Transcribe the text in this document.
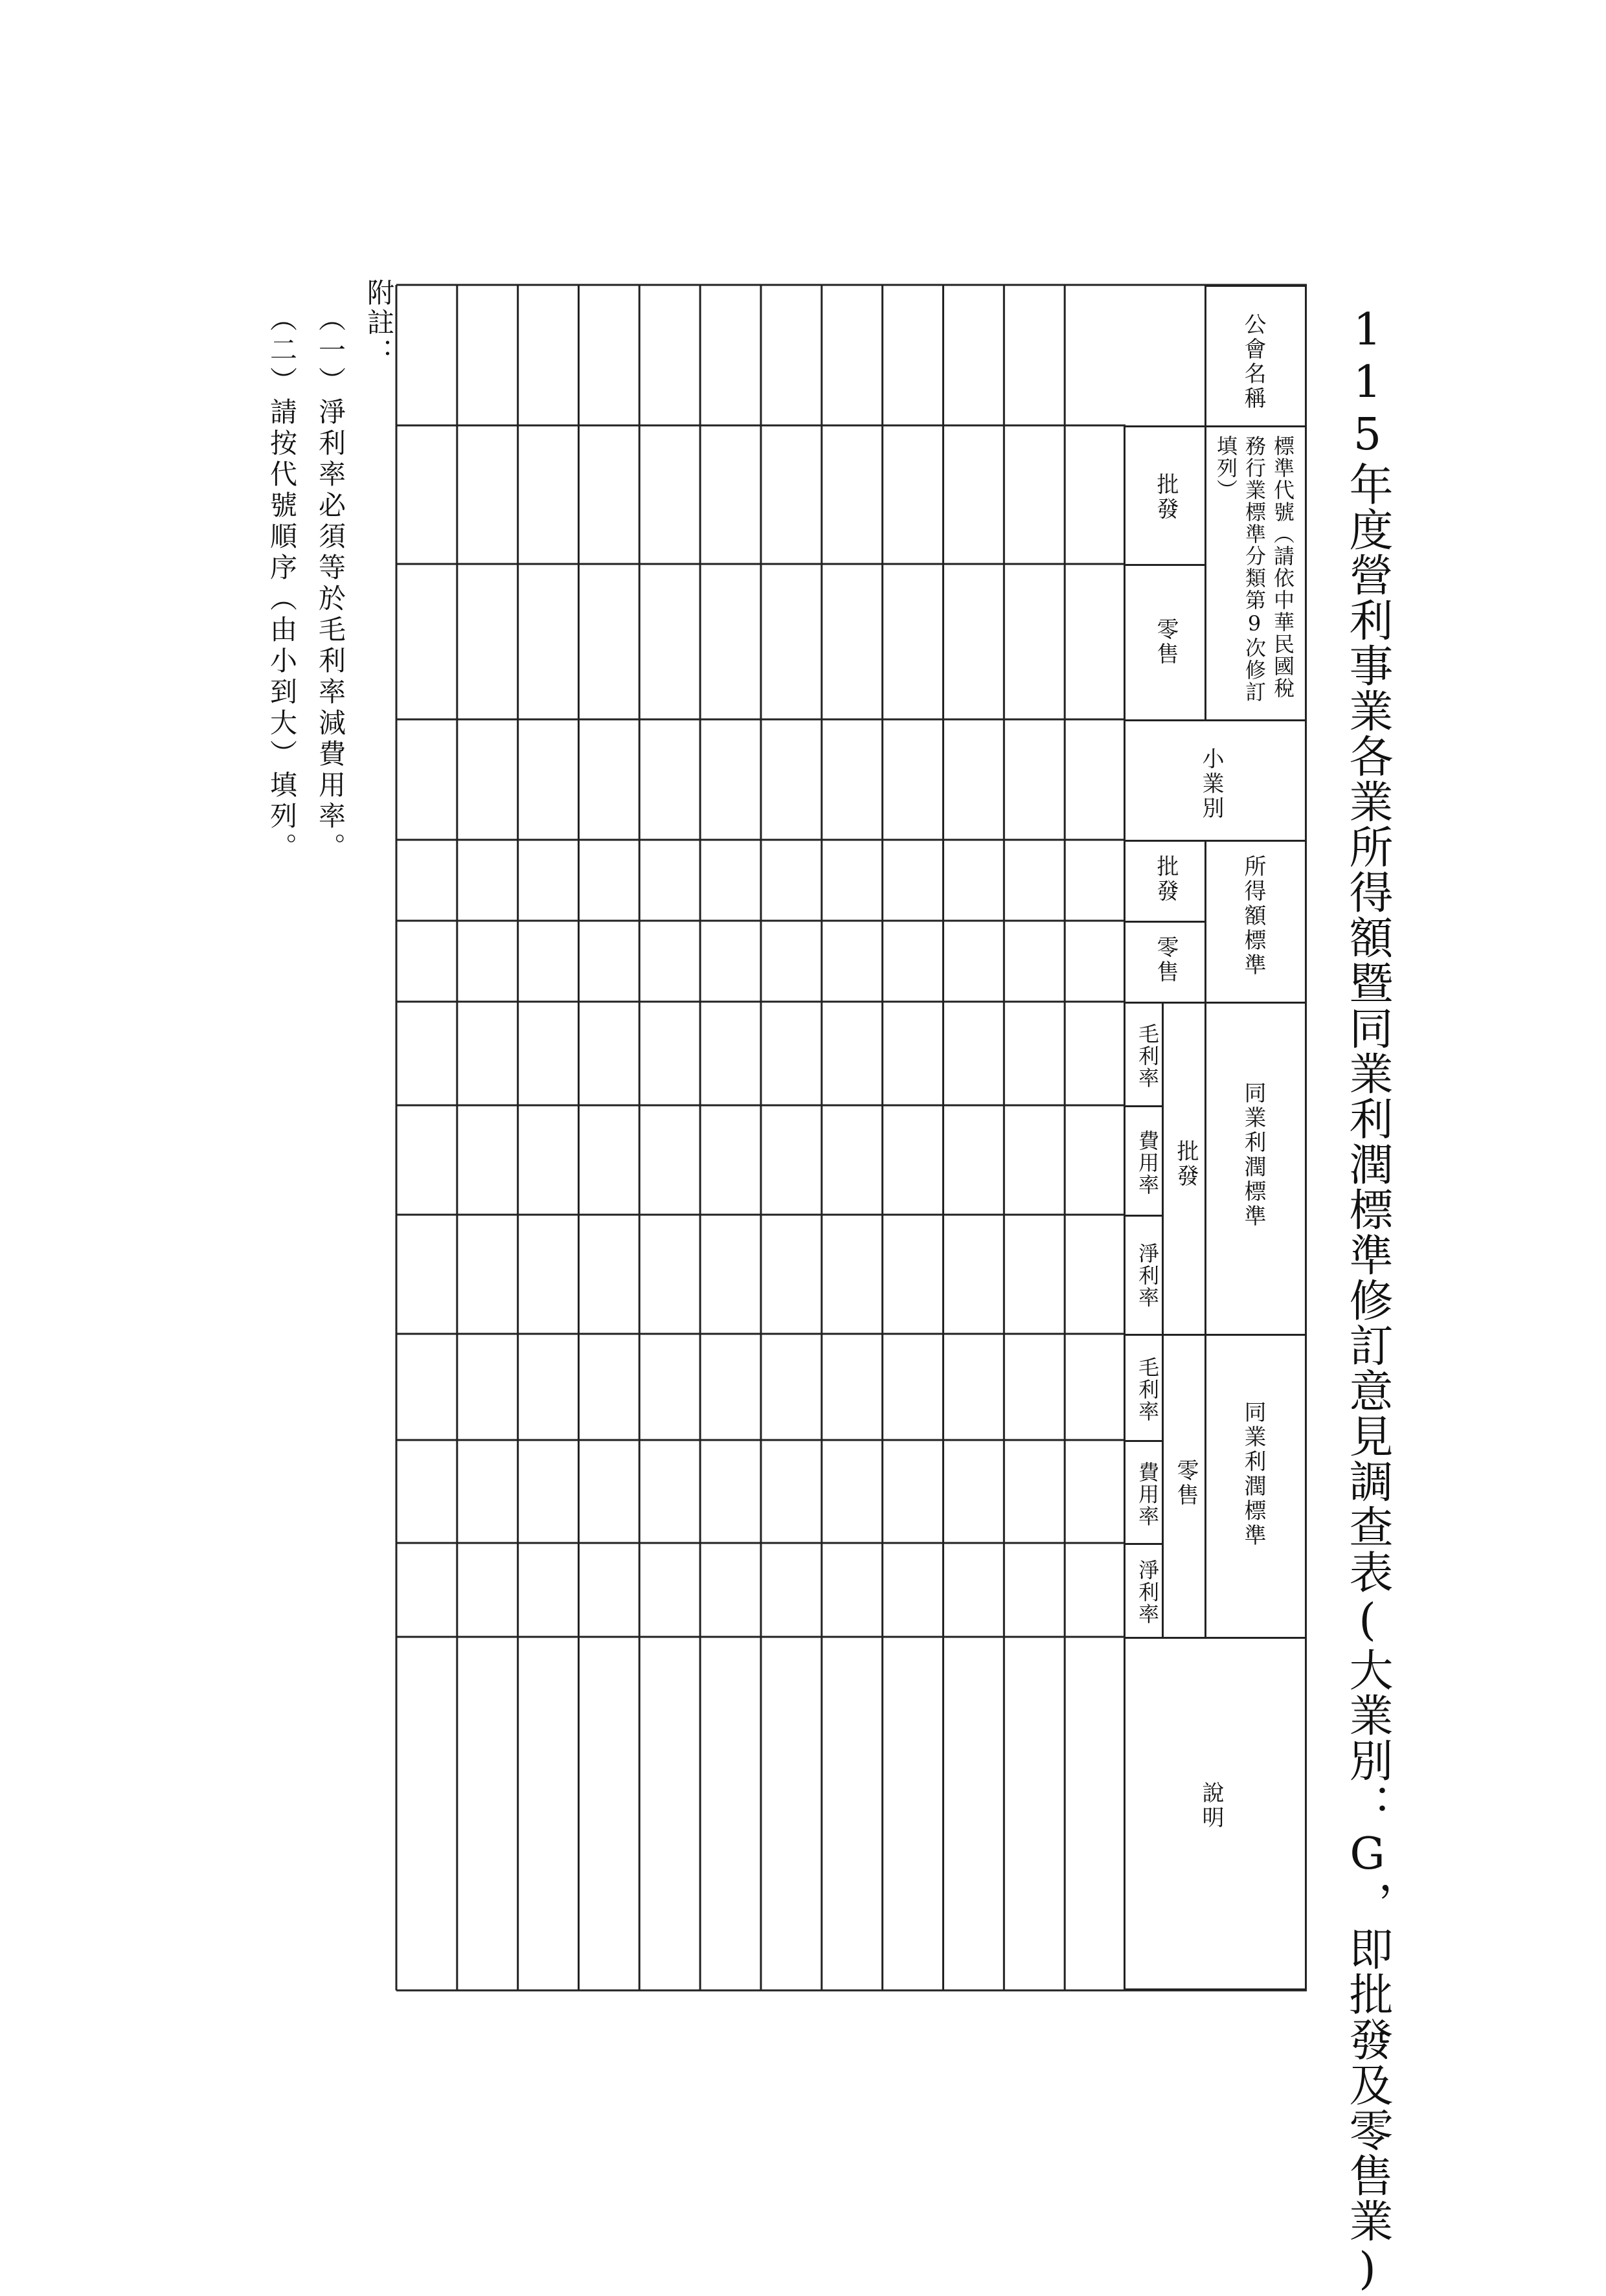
115年度營利事業各業所得額暨同業利潤標準修訂意見調查表(大業別：G，即批發及零售業)
公會名稱
標準代號（請依中華民國稅務行業標準分類第9次修訂填列）
批發
零售
小業別
所得額標準
批發
零售
同業利潤標準
批發
毛利率
費用率
淨利率
同業利潤標準
零售
毛利率
費用率
淨利率
說明
附註：
（一）淨利率必須等於毛利率減費用率。
（二）請按代號順序（由小到大）填列。
